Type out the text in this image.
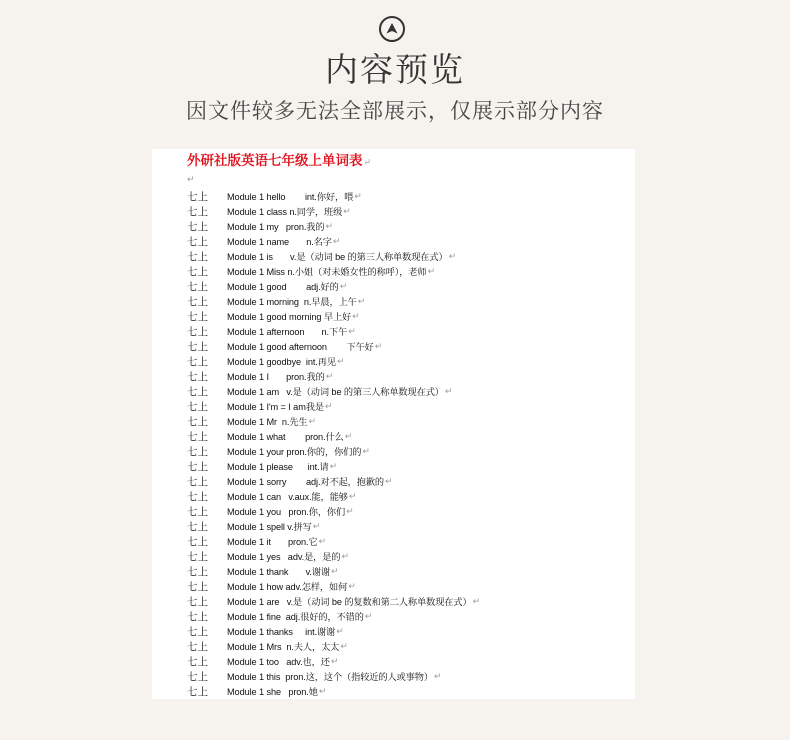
内容预览
因文件较多无法全部展示，仅展示部分内容
外研社版英语七年级上单词表↵
↵
七上	Module 1 hello        int.你好，喂 ↵
七上	Module 1 class n.同学，班级 ↵
七上	Module 1 my   pron.我的 ↵
七上	Module 1 name       n.名字 ↵
七上	Module 1 is       v.是（动词 be 的第三人称单数现在式） ↵
七上	Module 1 Miss n.小姐（对未婚女性的称呼），老师 ↵
七上	Module 1 good        adj.好的 ↵
七上	Module 1 morning  n.早晨，上午 ↵
七上	Module 1 good morning 早上好 ↵
七上	Module 1 afternoon       n.下午 ↵
七上	Module 1 good afternoon        下午好 ↵
七上	Module 1 goodbye  int.再见 ↵
七上	Module 1 I       pron.我的 ↵
七上	Module 1 am   v.是（动词 be 的第三人称单数现在式） ↵
七上	Module 1 I'm = I am我是 ↵
七上	Module 1 Mr  n.先生 ↵
七上	Module 1 what        pron.什么 ↵
七上	Module 1 your pron.你的，你们的 ↵
七上	Module 1 please      int.请 ↵
七上	Module 1 sorry        adj.对不起，抱歉的 ↵
七上	Module 1 can   v.aux.能，能够 ↵
七上	Module 1 you   pron.你，你们 ↵
七上	Module 1 spell v.拼写 ↵
七上	Module 1 it       pron.它 ↵
七上	Module 1 yes   adv.是，是的 ↵
七上	Module 1 thank       v.谢谢 ↵
七上	Module 1 how adv.怎样，如何 ↵
七上	Module 1 are   v.是（动词 be 的复数和第二人称单数现在式） ↵
七上	Module 1 fine  adj.很好的，不错的 ↵
七上	Module 1 thanks     int.谢谢 ↵
七上	Module 1 Mrs  n.夫人，太太 ↵
七上	Module 1 too   adv.也，还 ↵
七上	Module 1 this  pron.这，这个（指较近的人或事物） ↵
七上	Module 1 she   pron.她 ↵
